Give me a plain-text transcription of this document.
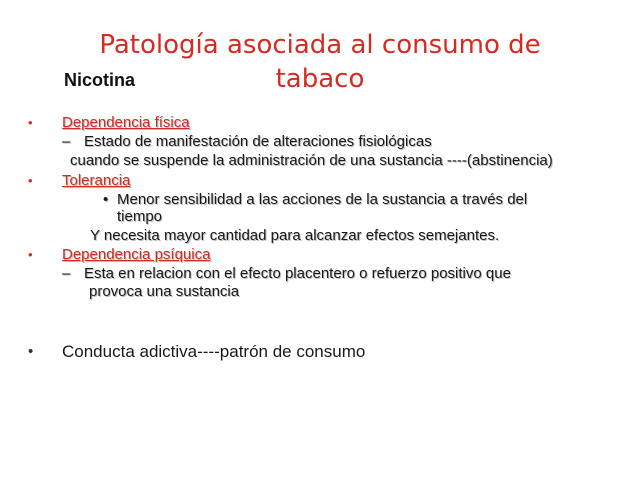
Patología asociada al consumo de tabaco
Nicotina
• Dependencia física
– Estado de manifestación de alteraciones fisiológicas
cuando se suspende la administración de una sustancia ----(abstinencia)
• Tolerancia
• Menor sensibilidad a las acciones de la sustancia a través del
tiempo
Y necesita mayor cantidad para alcanzar efectos semejantes.
• Dependencia psíquica
– Esta en relacion con el efecto placentero o refuerzo positivo que
provoca una sustancia
• Conducta adictiva----patrón de consumo
